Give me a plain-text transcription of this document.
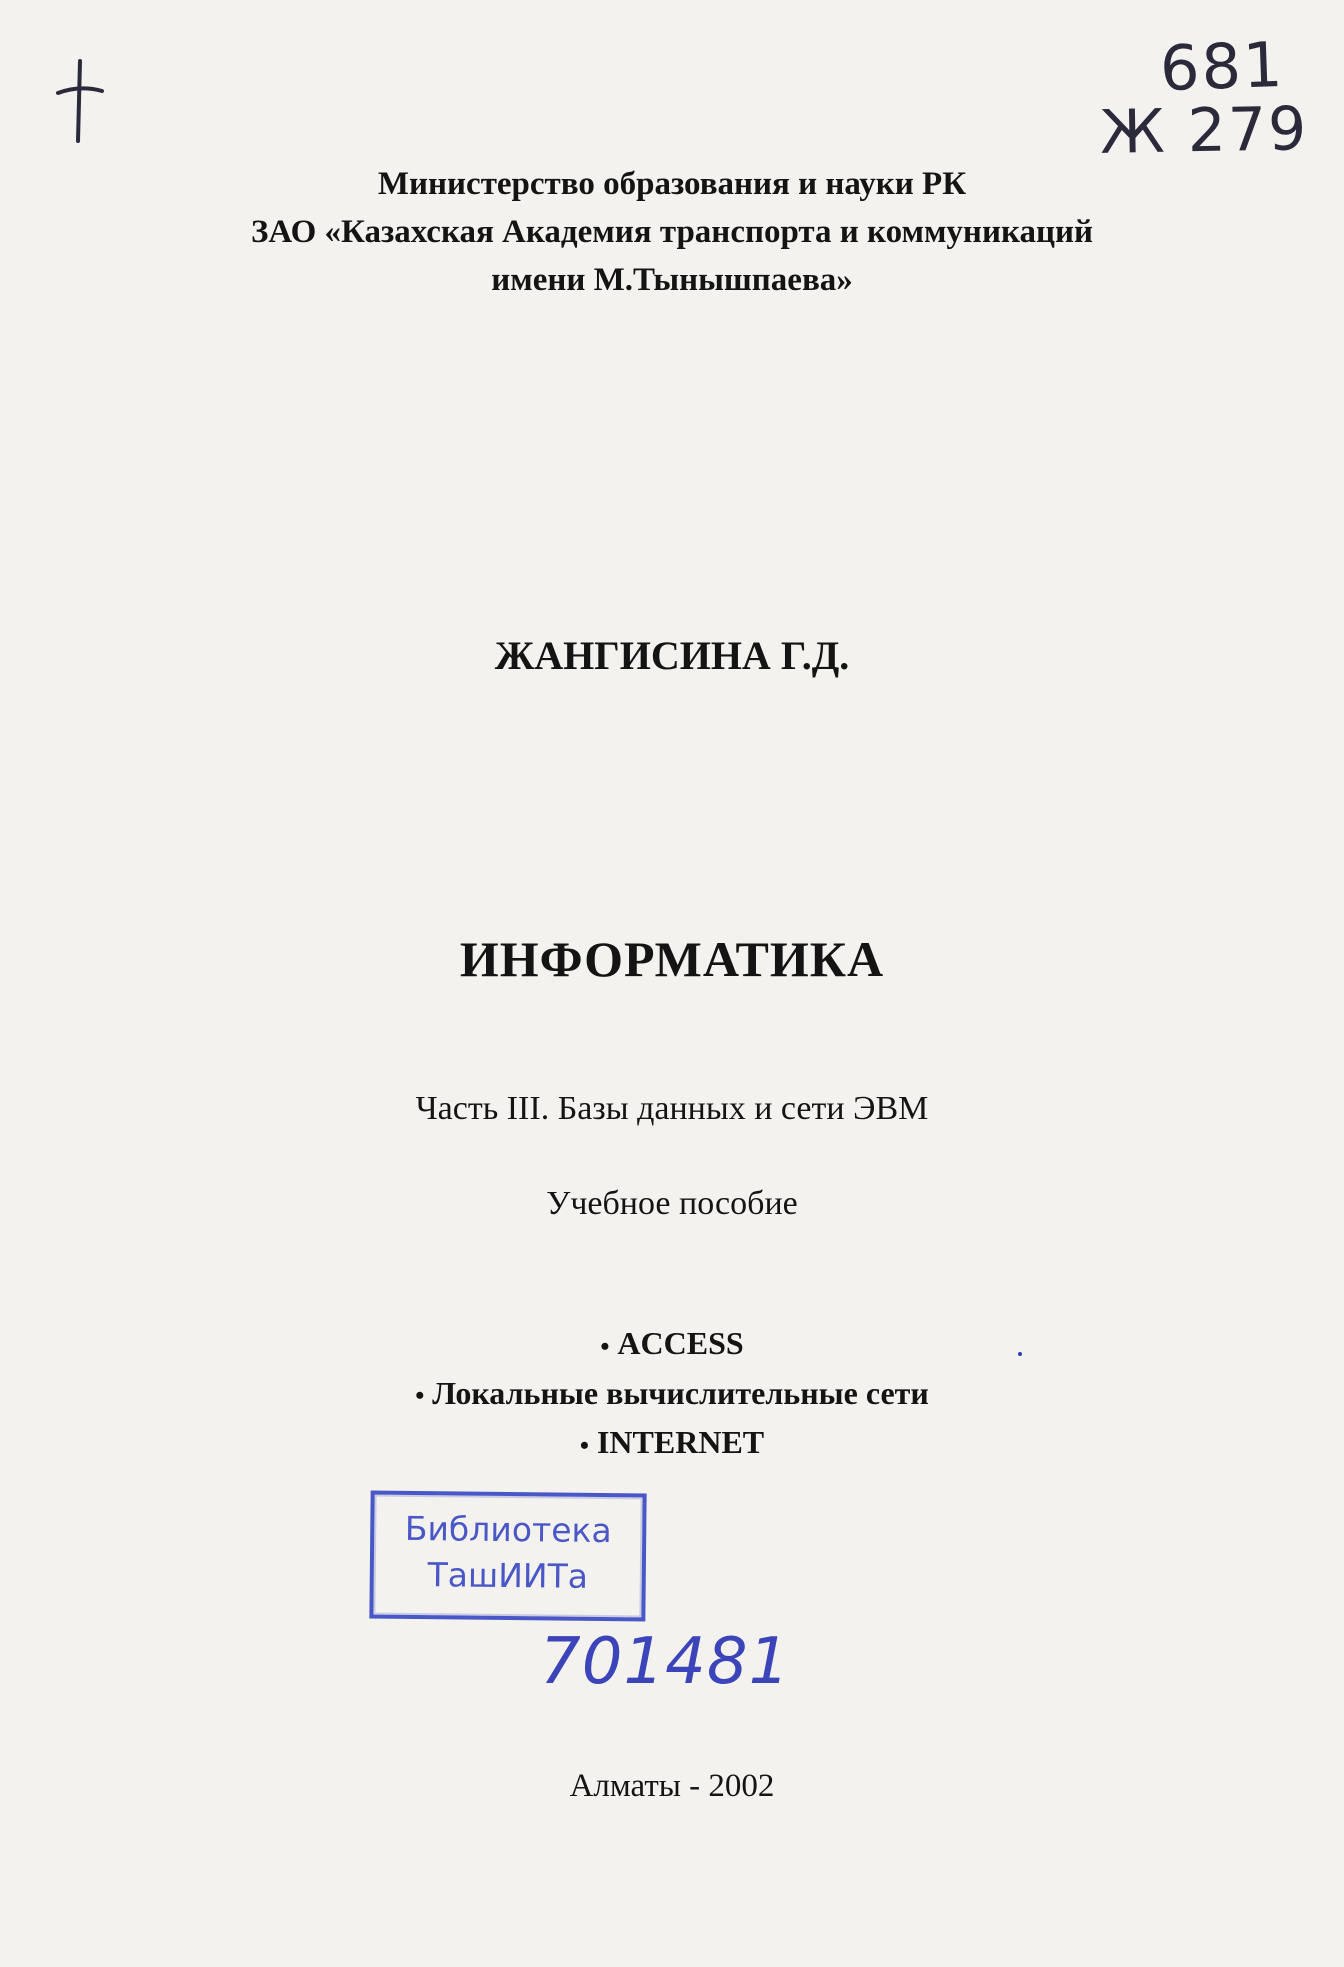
681
Ж 279
Министерство образования и науки РК
ЗАО «Казахская Академия транспорта и коммуникаций
имени М.Тынышпаева»
ЖАНГИСИНА Г.Д.
ИНФОРМАТИКА
Часть III. Базы данных и сети ЭВМ
Учебное пособие
• ACCESS
• Локальные вычислительные сети
• INTERNET
Библиотека
ТашИИТа
701481
Алматы - 2002
